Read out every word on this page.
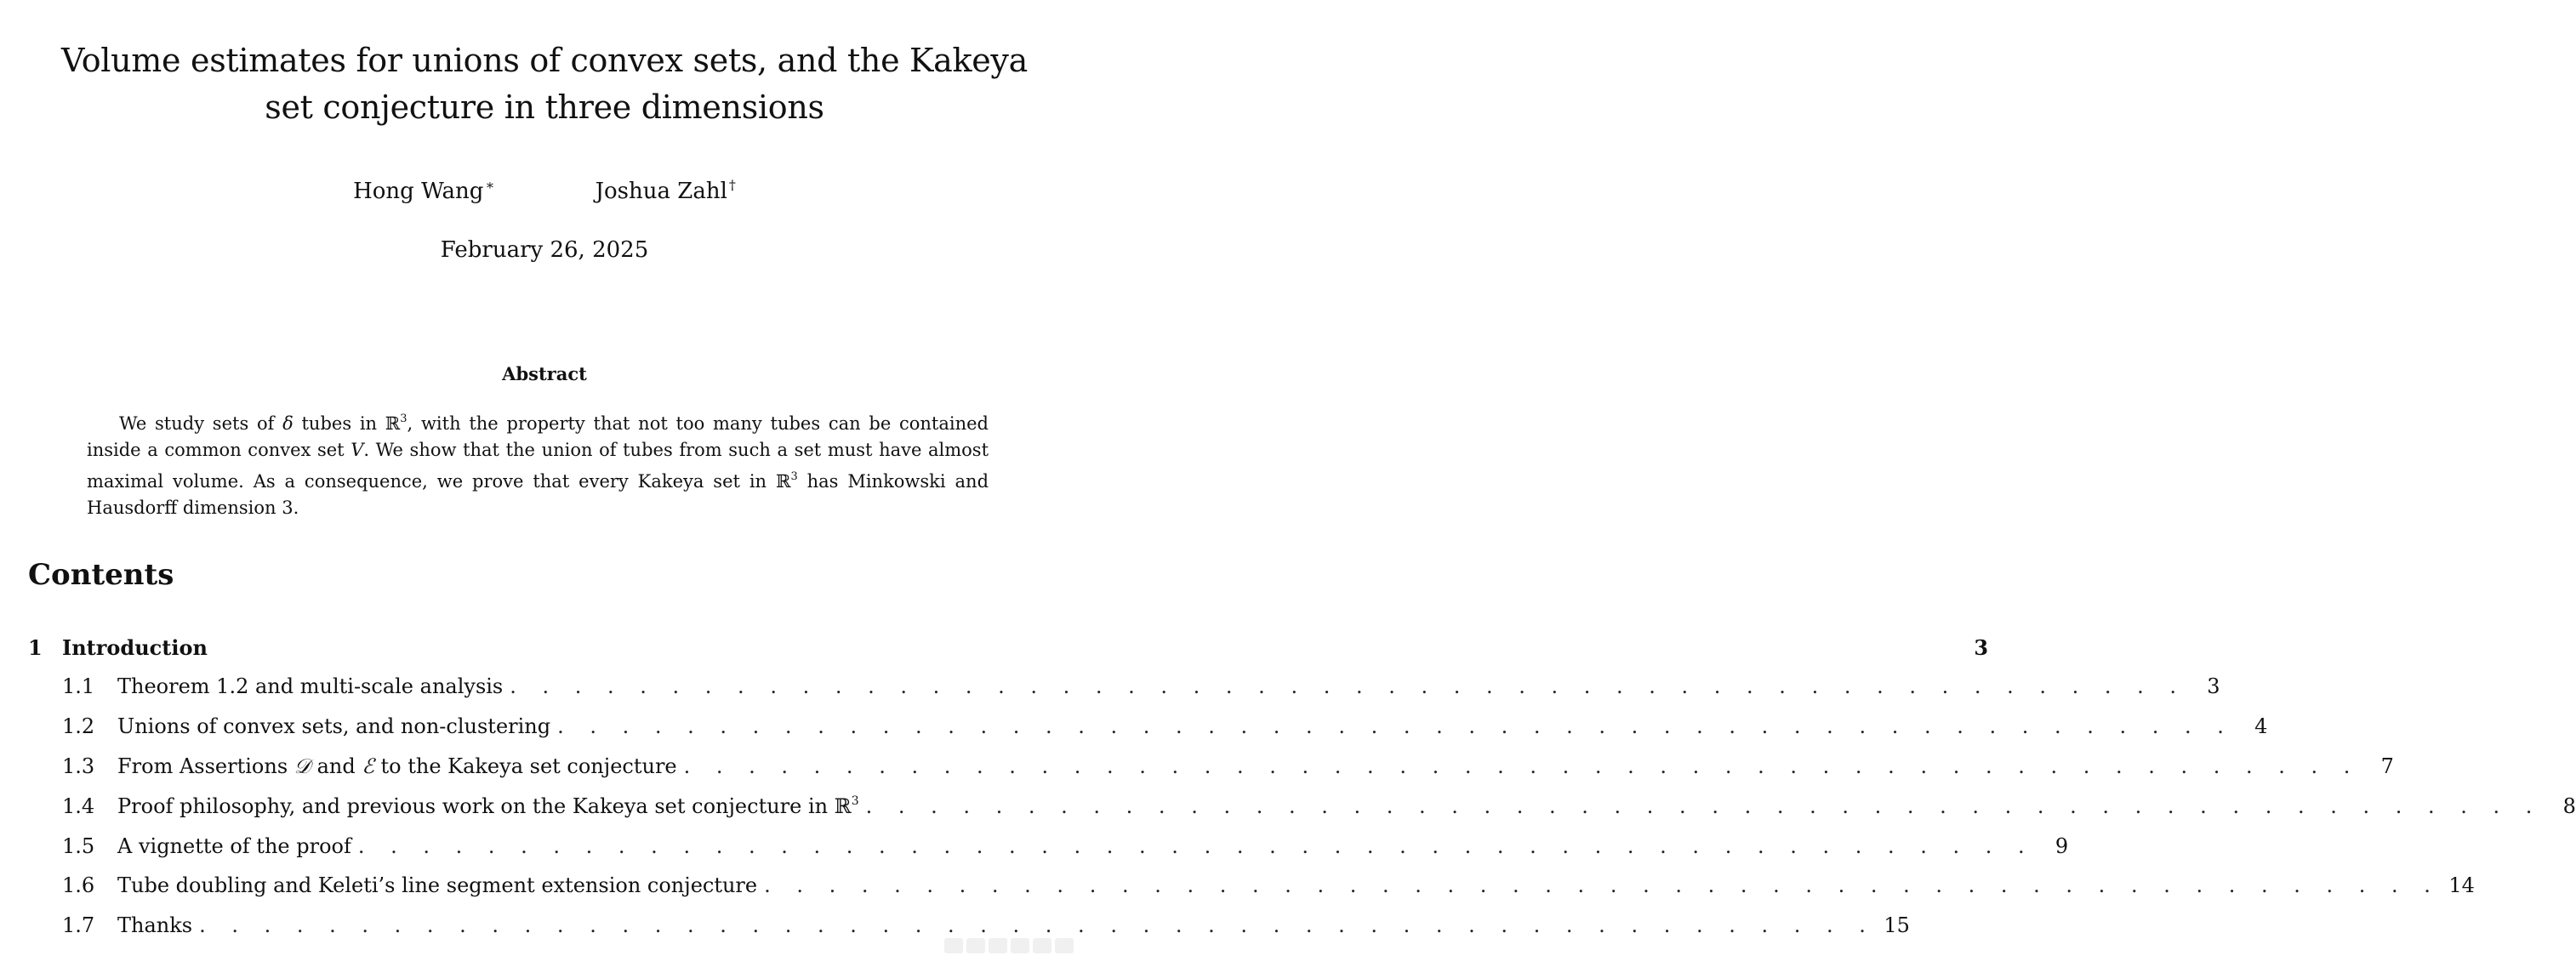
Volume estimates for unions of convex sets, and the Kakeya set conjecture in three dimensions
Hong Wang ∗	Joshua Zahl †
February 26, 2025
Abstract

We study sets of δ tubes in ℝ$^3$, with the property that not too many tubes can be contained inside a common convex set V. We show that the union of tubes from such a set must have almost maximal volume. As a consequence, we prove that every Kakeya set in ℝ$^3$ has Minkowski and Hausdorff dimension 3.

Contents
1 Introduction	3
1.1	Theorem 1.2 and multi-scale analysis . . . . . . . . . . . . . . . . . . . . . . . . . . . . . . . . . . . . . . . . . . . . . . . . . . . .	3
1.2	Unions of convex sets, and non-clustering . . . . . . . . . . . . . . . . . . . . . . . . . . . . . . . . . . . . . . . . . . . . . . . . . . . .	4
1.3	From Assertions 𝒟 and ℰ to the Kakeya set conjecture . . . . . . . . . . . . . . . . . . . . . . . . . . . . . . . . . . . . . . . . . . . . . . . . . . . .	7
1.4	Proof philosophy, and previous work on the Kakeya set conjecture in ℝ$^3$ . . . . . . . . . . . . . . . . . . . . . . . . . . . . . . . . . . . . . . . . . . . . . . . . . . . .	8
1.5	A vignette of the proof . . . . . . . . . . . . . . . . . . . . . . . . . . . . . . . . . . . . . . . . . . . . . . . . . . . .	9
1.6	Tube doubling and Keleti’s line segment extension conjecture . . . . . . . . . . . . . . . . . . . . . . . . . . . . . . . . . . . . . . . . . . . . . . . . . . . . 14
1.7	Thanks . . . . . . . . . . . . . . . . . . . . . . . . . . . . . . . . . . . . . . . . . . . . . . . . . . . . 15
